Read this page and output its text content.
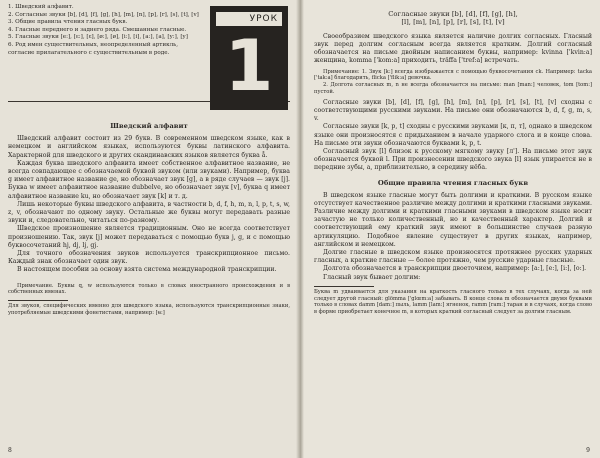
1. Шведский алфавит.

2. Согласные звуки [b], [d], [f], [g], [h], [m], [n], [p], [r], [s], [t], [v]

3. Общие правила чтения гласных букв.

4. Гласные переднего и заднего ряда. Смешанные гласные.

5. Гласные звуки [e:], [ɛ:], [ɛ], [ø:], [ø], [i:], [i], [a:], [a], [y:], [y]

6. Род имен существительных, неопределенный артикль, согласие прилагательного с существительным в роде.

УРОК
1
Шведский алфавит

Шведский алфавит состоит из 29 букв. В современном шведском языке, как в немецком и английском языках, используются буквы латинского алфавита. Характерной для шведского и других скандинавских языков является буква å.

Каждая буква шведского алфавита имеет собственное алфавитное название, не всегда совпадающее с обозначаемой буквой звуком (или звуками). Например, буква g имеет алфавитное название ge, но обозначает звук [g], а в ряде случаев — звук [j]. Буква w имеет алфавитное название dubbelve, но обозначает звук [v], буква q имеет алфавитное название ku, но обозначает звук [k] и т. д.

Лишь некоторые буквы шведского алфавита, в частности b, d, f, h, m, n, l, p, t, s, w, z, v, обозначают по одному звуку. Остальные же буквы могут передавать разные звуки и, следовательно, читаться по-разному.

Шведское произношение является традиционным. Оно не всегда соответствует произношению. Так, звук [j] может передаваться с помощью букв j, g, и с помощью буквосочетаний hj, dj, lj, gj.

Для точного обозначения звуков используется транскрипционное письмо. Каждый знак обозначает один звук.

В настоящем пособии за основу взята система международной транскрипции.

Примечание. Буквы q, w используются только в словах иностранного происхождения и в собственных именах.

Для звуков, специфических именно для шведского языка, используются транскрипционные знаки, употребляемые шведскими фонетистами, например: [ʉ:]

8

Согласные звуки [b], [d], [f], [g], [h],

[l], [m], [n], [p], [r], [s], [t], [v]

Своеобразием шведского языка является наличие долгих согласных. Гласный звук перед долгим согласным всегда является кратким. Долгий согласный обозначается на письме двойным написанием буквы, например: kvinna ['kvin:a] женщина, komma ['kom:a] приходить, träffa ['tref:a] встречать.

Примечание: 1. Звук [k:] всегда изображается с помощью буквосочетания ck. Например: tacka ['tak:a] благодарить, flicka ['flik:a] девочка.

2. Долгота согласных m, n не всегда обозначается на письме: man [man:] человек, tom [tom:] пустой.

Согласные звуки [b], [d], [f], [g], [h], [m], [n], [p], [r], [s], [t], [v] сходны с соответствующими русскими звуками. На письме они обозначаются b, d, f, g, m, s, v.

Согласные звуки [k, p, t] сходны с русскими звуками [к, п, т], однако в шведском языке они произносятся с придыханием в начале ударного слога и в конце слова. На письме эти звуки обозначаются буквами k, p, t.

Согласный звук [l] близок к русскому мягкому звуку [л']. На письме этот звук обозначается буквой l. При произнесении шведского звука [l] язык упирается не в передние зубы, а, приблизительно, в середину нёба.

Общие правила чтения гласных букв

В шведском языке гласные могут быть долгими и краткими. В русском языке отсутствует качественное различие между долгими и краткими гласными звуками. Различие между долгими и краткими гласными звуками в шведском языке носит зачастую не только количественный, но и качественный характер. Долгий и соответствующий ему краткий звук имеют в большинстве случаев разную артикуляцию. Подобное явление существует в других языках, например, английском и немецком.

Долгие гласные в шведском языке произносятся протяжнее русских ударных гласных, а краткие гласные — более протяжно, чем русские ударные гласные.

Долгота обозначается в транскрипции двоеточием, например: [a:], [e:], [i:], [o:].

Гласный звук бывает долгим:

Буква m удваивается для указания на краткость гласного только в тех случаях, когда за ней следует другой гласный: glömma ['glœm:a] забывать. В конце слова m обозначается двумя буквами только в словах damm [dam:] пыль, lamm [lam:] ягненок, ramm [ram:] таран и в случаях, когда слово в форме приобретает конечное m, в которых краткий согласный следует за долгим гласным.

9
